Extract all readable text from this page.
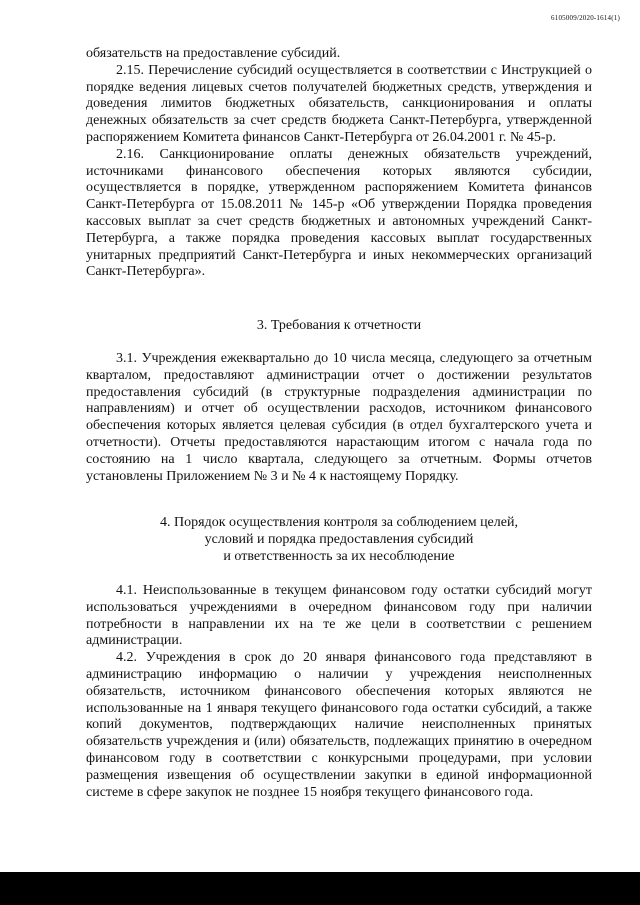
6105009/2020-1614(1)

обязательств на предоставление субсидий.

2.15. Перечисление субсидий осуществляется в соответствии с Инструкцией о порядке ведения лицевых счетов получателей бюджетных средств, утверждения и доведения лимитов бюджетных обязательств, санкционирования и оплаты денежных обязательств за счет средств бюджета Санкт-Петербурга, утвержденной распоряжением Комитета финансов Санкт-Петербурга от 26.04.2001 г. № 45-р.

2.16. Санкционирование оплаты денежных обязательств учреждений, источниками финансового обеспечения которых являются субсидии, осуществляется в порядке, утвержденном распоряжением Комитета финансов Санкт-Петербурга от 15.08.2011 № 145-р «Об утверждении Порядка проведения кассовых выплат за счет средств бюджетных и автономных учреждений Санкт-Петербурга, а также порядка проведения кассовых выплат государственных унитарных предприятий Санкт-Петербурга и иных некоммерческих организаций Санкт-Петербурга».

3. Требования к отчетности

3.1. Учреждения ежеквартально до 10 числа месяца, следующего за отчетным кварталом, предоставляют администрации отчет о достижении результатов предоставления субсидий (в структурные подразделения администрации по направлениям) и отчет об осуществлении расходов, источником финансового обеспечения которых является целевая субсидия (в отдел бухгалтерского учета и отчетности). Отчеты предоставляются нарастающим итогом с начала года по состоянию на 1 число квартала, следующего за отчетным. Формы отчетов установлены Приложением № 3 и № 4 к настоящему Порядку.

4. Порядок осуществления контроля за соблюдением целей,
условий и порядка предоставления субсидий
и ответственность за их несоблюдение

4.1. Неиспользованные в текущем финансовом году остатки субсидий могут использоваться учреждениями в очередном финансовом году при наличии потребности в направлении их на те же цели в соответствии с решением администрации.

4.2. Учреждения в срок до 20 января финансового года представляют в администрацию информацию о наличии у учреждения неисполненных обязательств, источником финансового обеспечения которых являются не использованные на 1 января текущего финансового года остатки субсидий, а также копий документов, подтверждающих наличие неисполненных принятых обязательств учреждения и (или) обязательств, подлежащих принятию в очередном финансовом году в соответствии с конкурсными процедурами, при условии размещения извещения об осуществлении закупки в единой информационной системе в сфере закупок не позднее 15 ноября текущего финансового года.
